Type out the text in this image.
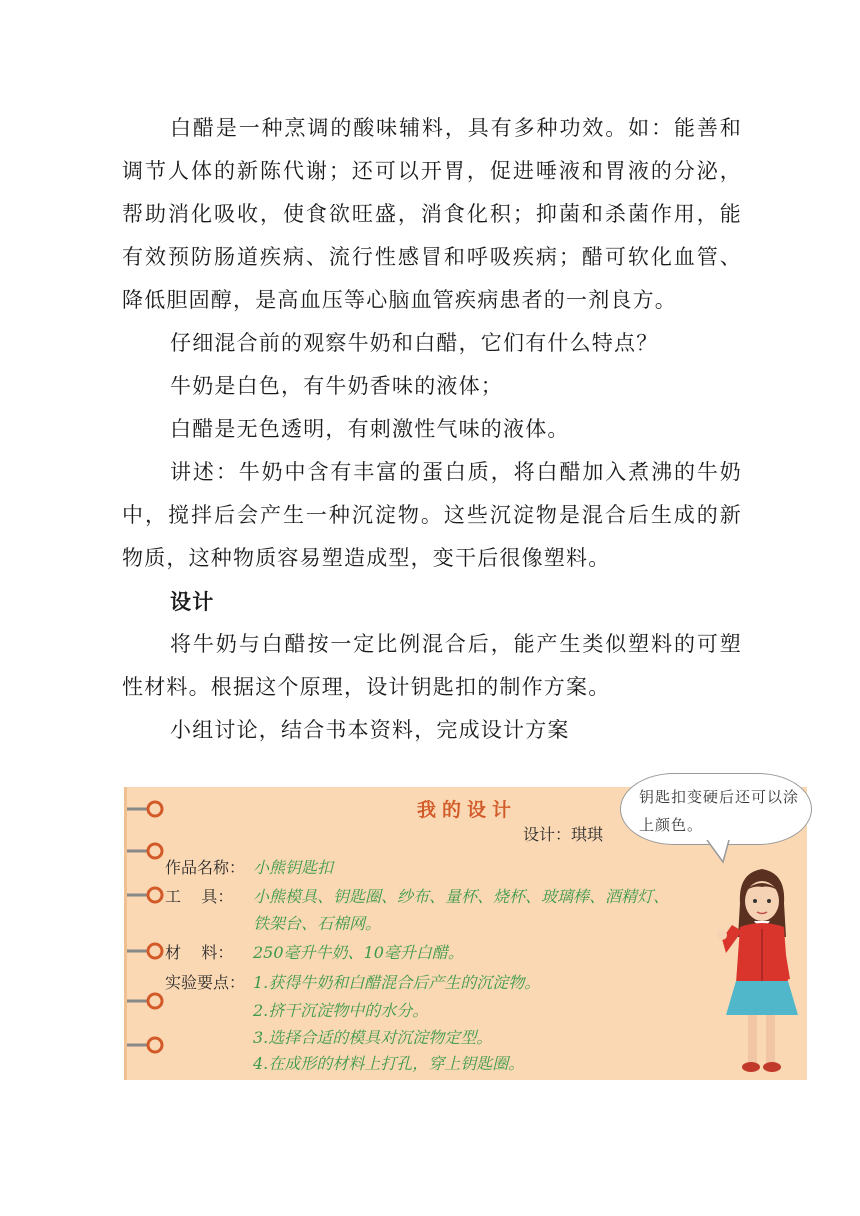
白醋是一种烹调的酸味辅料，具有多种功效。如：能善和调节人体的新陈代谢；还可以开胃，促进唾液和胃液的分泌，帮助消化吸收，使食欲旺盛，消食化积；抑菌和杀菌作用，能有效预防肠道疾病、流行性感冒和呼吸疾病；醋可软化血管、降低胆固醇，是高血压等心脑血管疾病患者的一剂良方。

仔细混合前的观察牛奶和白醋，它们有什么特点？

牛奶是白色，有牛奶香味的液体；

白醋是无色透明，有刺激性气味的液体。

讲述：牛奶中含有丰富的蛋白质，将白醋加入煮沸的牛奶中，搅拌后会产生一种沉淀物。这些沉淀物是混合后生成的新物质，这种物质容易塑造成型，变干后很像塑料。

设计

将牛奶与白醋按一定比例混合后，能产生类似塑料的可塑性材料。根据这个原理，设计钥匙扣的制作方案。

小组讨论，结合书本资料，完成设计方案

我的设计
设计：琪琪
作品名称： 小熊钥匙扣
工    具： 小熊模具、钥匙圈、纱布、量杯、烧杯、玻璃棒、酒精灯、
铁架台、石棉网。
材    料： 250毫升牛奶、10毫升白醋。
实验要点： 1.获得牛奶和白醋混合后产生的沉淀物。
2.挤干沉淀物中的水分。
3.选择合适的模具对沉淀物定型。
4.在成形的材料上打孔，穿上钥匙圈。
钥匙扣变硬后还可以涂上颜色。
